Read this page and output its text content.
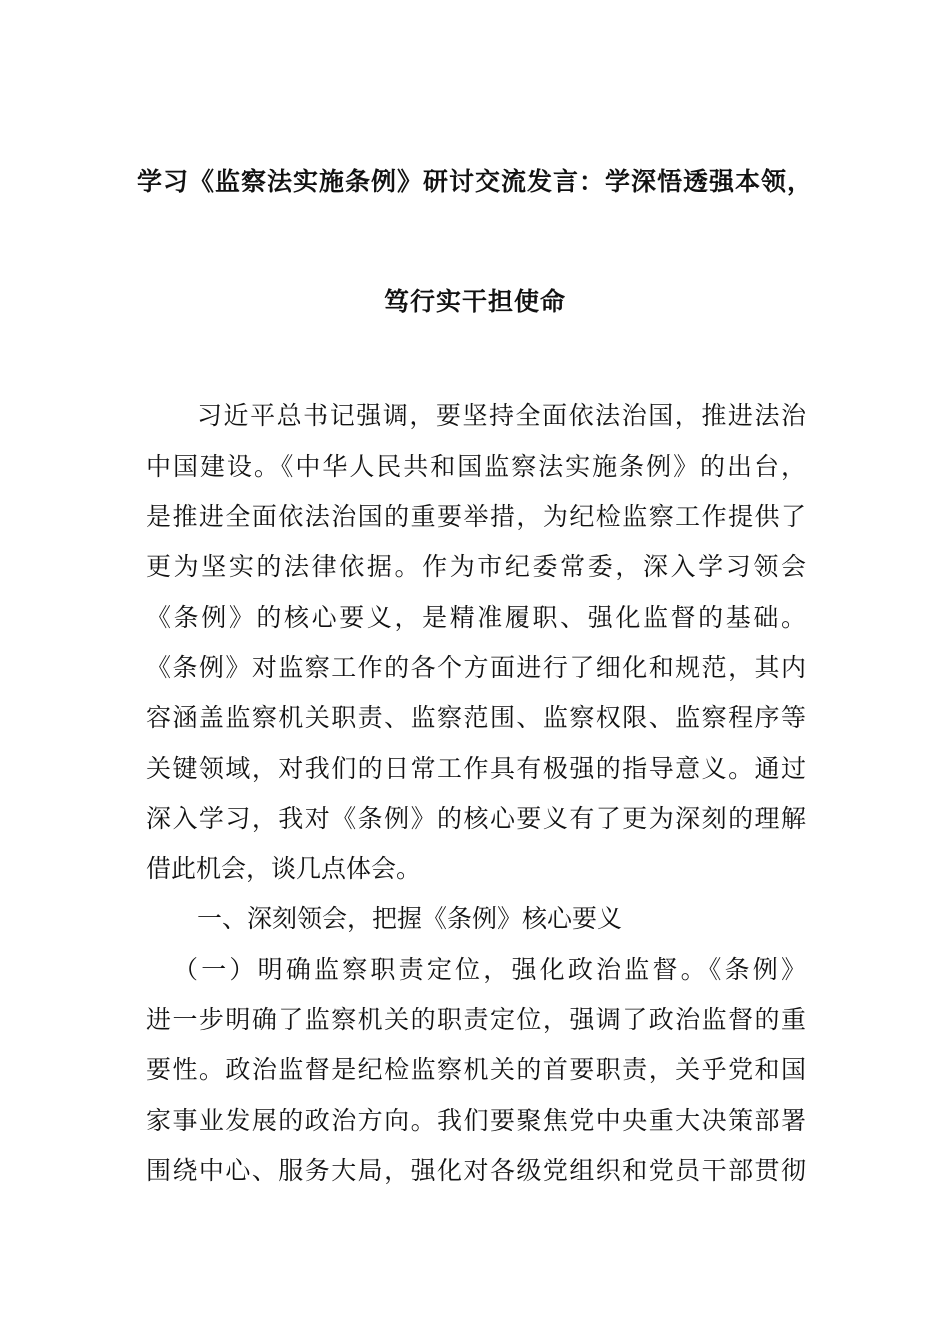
学习《监察法实施条例》研讨交流发言：学深悟透强本领，
笃行实干担使命
习近平总书记强调，要坚持全面依法治国，推进法治
中国建设。《中华人民共和国监察法实施条例》的出台，
是推进全面依法治国的重要举措，为纪检监察工作提供了
更为坚实的法律依据。作为市纪委常委，深入学习领会
《条例》的核心要义，是精准履职、强化监督的基础。
《条例》对监察工作的各个方面进行了细化和规范，其内
容涵盖监察机关职责、监察范围、监察权限、监察程序等
关键领域，对我们的日常工作具有极强的指导意义。通过
深入学习，我对《条例》的核心要义有了更为深刻的理解
借此机会，谈几点体会。
一、深刻领会，把握《条例》核心要义
（一）明确监察职责定位，强化政治监督。《条例》
进一步明确了监察机关的职责定位，强调了政治监督的重
要性。政治监督是纪检监察机关的首要职责，关乎党和国
家事业发展的政治方向。我们要聚焦党中央重大决策部署
围绕中心、服务大局，强化对各级党组织和党员干部贯彻
